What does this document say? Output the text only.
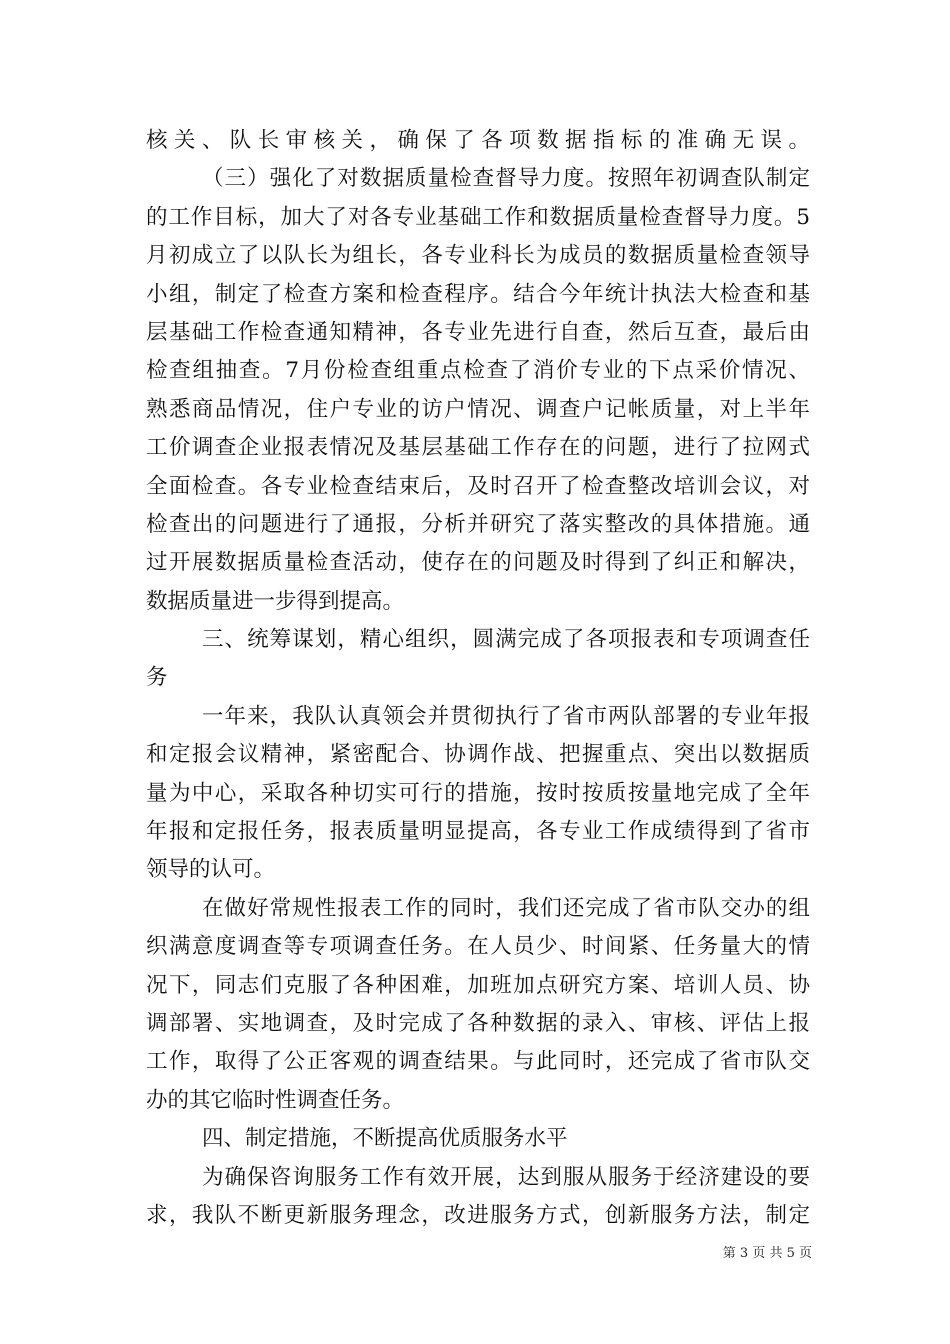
核关、队长审核关，确保了各项数据指标的准确无误。
（三）强化了对数据质量检查督导力度。按照年初调查队制定
的工作目标，加大了对各专业基础工作和数据质量检查督导力度。5
月初成立了以队长为组长，各专业科长为成员的数据质量检查领导
小组，制定了检查方案和检查程序。结合今年统计执法大检查和基
层基础工作检查通知精神，各专业先进行自查，然后互查，最后由
检查组抽查。7月份检查组重点检查了消价专业的下点采价情况、
熟悉商品情况，住户专业的访户情况、调查户记帐质量，对上半年
工价调查企业报表情况及基层基础工作存在的问题，进行了拉网式
全面检查。各专业检查结束后，及时召开了检查整改培训会议，对
检查出的问题进行了通报，分析并研究了落实整改的具体措施。通
过开展数据质量检查活动，使存在的问题及时得到了纠正和解决，
数据质量进一步得到提高。
三、统筹谋划，精心组织，圆满完成了各项报表和专项调查任
务
一年来，我队认真领会并贯彻执行了省市两队部署的专业年报
和定报会议精神，紧密配合、协调作战、把握重点、突出以数据质
量为中心，采取各种切实可行的措施，按时按质按量地完成了全年
年报和定报任务，报表质量明显提高，各专业工作成绩得到了省市
领导的认可。
在做好常规性报表工作的同时，我们还完成了省市队交办的组
织满意度调查等专项调查任务。在人员少、时间紧、任务量大的情
况下，同志们克服了各种困难，加班加点研究方案、培训人员、协
调部署、实地调查，及时完成了各种数据的录入、审核、评估上报
工作，取得了公正客观的调查结果。与此同时，还完成了省市队交
办的其它临时性调查任务。
四、制定措施，不断提高优质服务水平
为确保咨询服务工作有效开展，达到服从服务于经济建设的要
求，我队不断更新服务理念，改进服务方式，创新服务方法，制定
第 3 页 共 5 页
